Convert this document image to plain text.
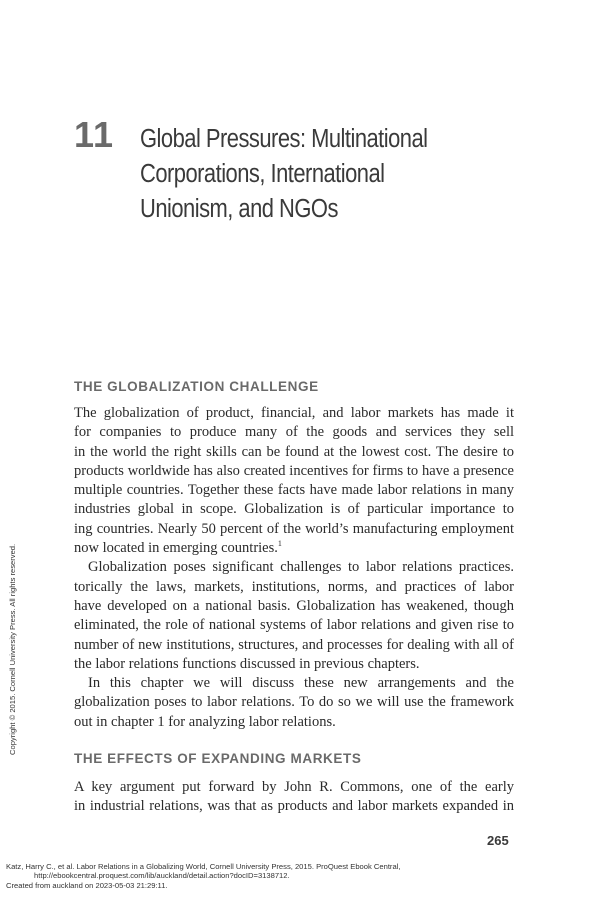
11 Global Pressures: Multinational
Corporations, International
Unionism, and NGOs
THE GLOBALIZATION CHALLENGE
The globalization of product, financial, and labor markets has made it
for companies to produce many of the goods and services they sell
in the world the right skills can be found at the lowest cost. The desire to
products worldwide has also created incentives for firms to have a presence
multiple countries. Together these facts have made labor relations in many
industries global in scope. Globalization is of particular importance to
ing countries. Nearly 50 percent of the world’s manufacturing employment
now located in emerging countries.$^1$
Globalization poses significant challenges to labor relations practices.
torically the laws, markets, institutions, norms, and practices of labor
have developed on a national basis. Globalization has weakened, though
eliminated, the role of national systems of labor relations and given rise to
number of new institutions, structures, and processes for dealing with all of
the labor relations functions discussed in previous chapters.
In this chapter we will discuss these new arrangements and the
globalization poses to labor relations. To do so we will use the framework
out in chapter 1 for analyzing labor relations.
THE EFFECTS OF EXPANDING MARKETS
A key argument put forward by John R. Commons, one of the early
in industrial relations, was that as products and labor markets expanded in
265
Katz, Harry C., et al. Labor Relations in a Globalizing World, Cornell University Press, 2015. ProQuest Ebook Central,
http://ebookcentral.proquest.com/lib/auckland/detail.action?docID=3138712.
Created from auckland on 2023-05-03 21:29:11.
Copyright © 2015. Cornell University Press. All rights reserved.
